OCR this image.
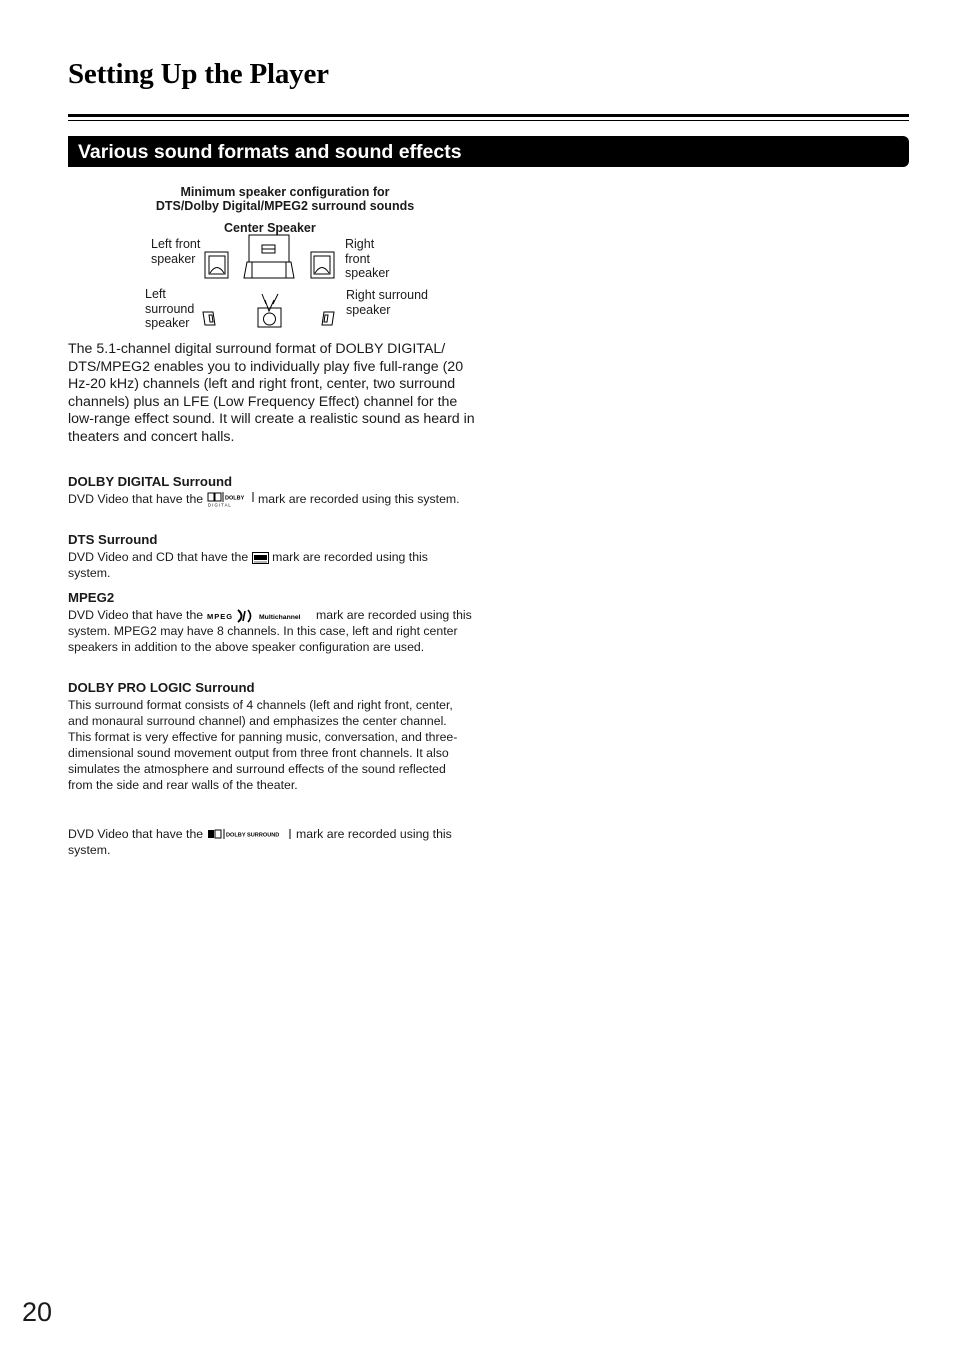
Setting Up the Player
Various sound formats and sound effects
Minimum speaker configuration for
DTS/Dolby Digital/MPEG2 surround sounds
Center Speaker
Left front
speaker
Right
front
speaker
Left
surround
speaker
Right surround
speaker
The 5.1-channel digital surround format of DOLBY DIGITAL/ DTS/MPEG2 enables you to individually play five full-range (20 Hz-20 kHz) channels (left and right front, center, two surround channels) plus an LFE (Low Frequency Effect) channel for the low-range effect sound. It will create a realistic sound as heard in theaters and concert halls.
DOLBY DIGITAL Surround
DVD Video that have the	DOLBY
D I G I T A L mark are recorded using this system.
DTS Surround
DVD Video and CD that have the mark are recorded using this system.
MPEG2
DVD Video that have the MPEG	Multichannel mark are recorded using this system. MPEG2 may have 8 channels. In this case, left and right center speakers in addition to the above speaker configuration are used.
DOLBY PRO LOGIC Surround
This surround format consists of 4 channels (left and right front, center, and monaural surround channel) and emphasizes the center channel. This format is very effective for panning music, conversation, and three-dimensional sound movement output from three front channels. It also simulates the atmosphere and surround effects of the sound reflected from the side and rear walls of the theater.
DVD Video that have the	DOLBY SURROUND mark are recorded using this system.
20
